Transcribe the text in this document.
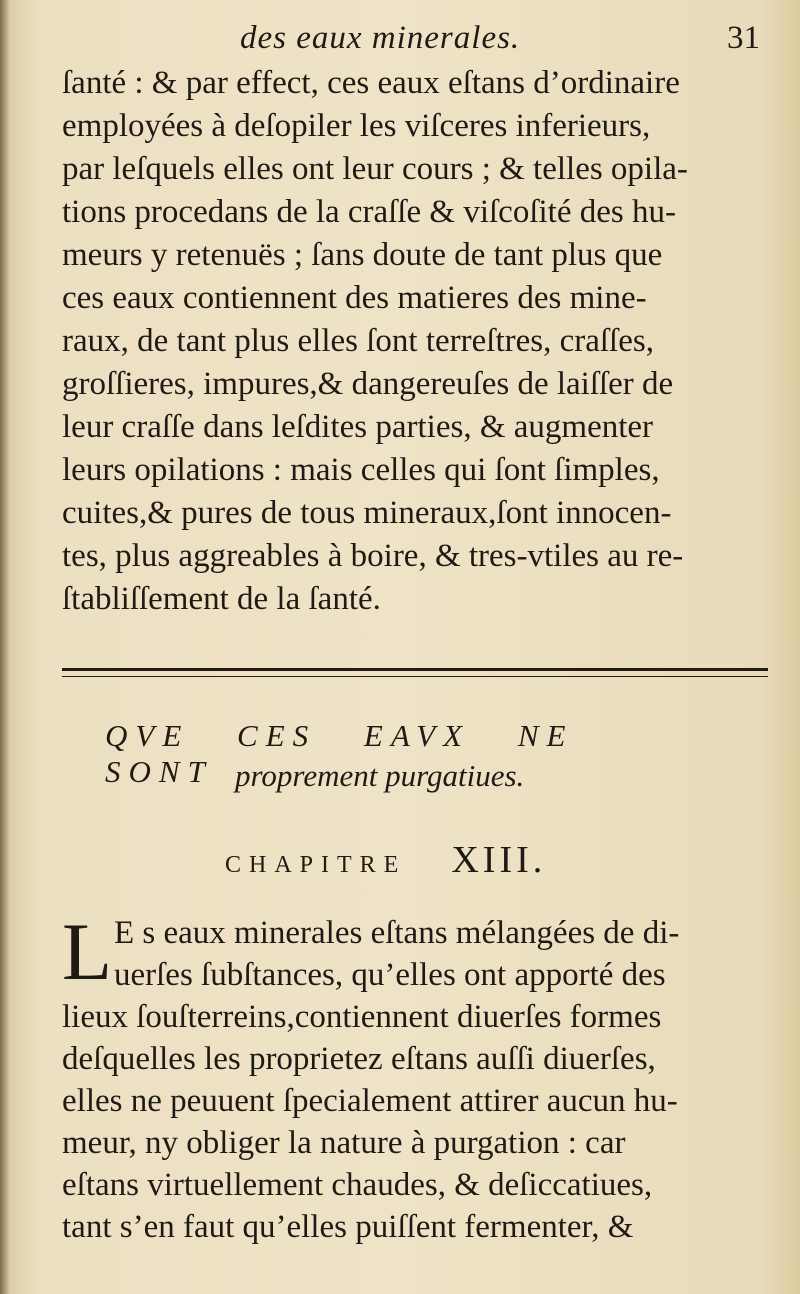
des eaux minerales.	31
ſanté : & par effect, ces eaux eſtans d’ordinaire
employées à deſopiler les viſceres inferieurs,
par leſquels elles ont leur cours ; & telles opila-
tions procedans de la craſſe & viſcoſité des hu-
meurs y retenuës ; ſans doute de tant plus que
ces eaux contiennent des matieres des mine-
raux, de tant plus elles ſont terreſtres, craſſes,
groſſieres, impures,& dangereuſes de laiſſer de
leur craſſe dans leſdites parties, & augmenter
leurs opilations : mais celles qui ſont ſimples,
cuites,& pures de tous mineraux,ſont innocen-
tes, plus aggreables à boire, & tres-vtiles au re-
ſtabliſſement de la ſanté.
QVE CES EAVX NE SONT proprement purgatiues.
CHAPITRE XIII.
L E s eaux minerales eſtans mélangées de di-
uerſes ſubſtances, qu’elles ont apporté des
lieux ſouſterreins,contiennent diuerſes formes
deſquelles les proprietez eſtans auſſi diuerſes,
elles ne peuuent ſpecialement attirer aucun hu-
meur, ny obliger la nature à purgation : car
eſtans virtuellement chaudes, & deſiccatiues,
tant s’en faut qu’elles puiſſent fermenter, &
